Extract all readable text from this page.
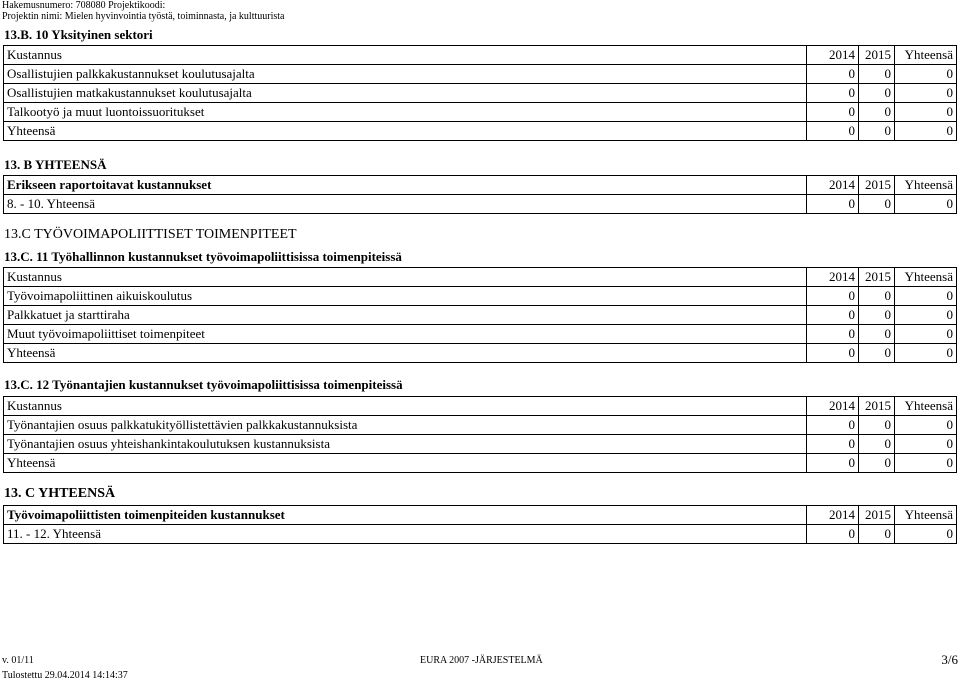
Hakemusnumero: 708080 Projektikoodi:
Projektin nimi: Mielen hyvinvointia työstä, toiminnasta, ja kulttuurista
13.B. 10 Yksityinen sektori
Kustannus	2014	2015	Yhteensä
Osallistujien palkkakustannukset koulutusajalta	0	0	0
Osallistujien matkakustannukset koulutusajalta	0	0	0
Talkootyö ja muut luontoissuoritukset	0	0	0
Yhteensä	0	0	0
13. B YHTEENSÄ
Erikseen raportoitavat kustannukset	2014	2015	Yhteensä
8. - 10. Yhteensä	0	0	0
13.C TYÖVOIMAPOLIITTISET TOIMENPITEET
13.C. 11 Työhallinnon kustannukset työvoimapoliittisissa toimenpiteissä
Kustannus	2014	2015	Yhteensä
Työvoimapoliittinen aikuiskoulutus	0	0	0
Palkkatuet ja starttiraha	0	0	0
Muut työvoimapoliittiset toimenpiteet	0	0	0
Yhteensä	0	0	0
13.C. 12 Työnantajien kustannukset työvoimapoliittisissa toimenpiteissä
Kustannus	2014	2015	Yhteensä
Työnantajien osuus palkkatukityöllistettävien palkkakustannuksista	0	0	0
Työnantajien osuus yhteishankintakoulutuksen kustannuksista	0	0	0
Yhteensä	0	0	0
13. C YHTEENSÄ
Työvoimapoliittisten toimenpiteiden kustannukset	2014	2015	Yhteensä
11. - 12. Yhteensä	0	0	0
v. 01/11	EURA 2007 -JÄRJESTELMÄ	3/6
Tulostettu 29.04.2014 14:14:37
